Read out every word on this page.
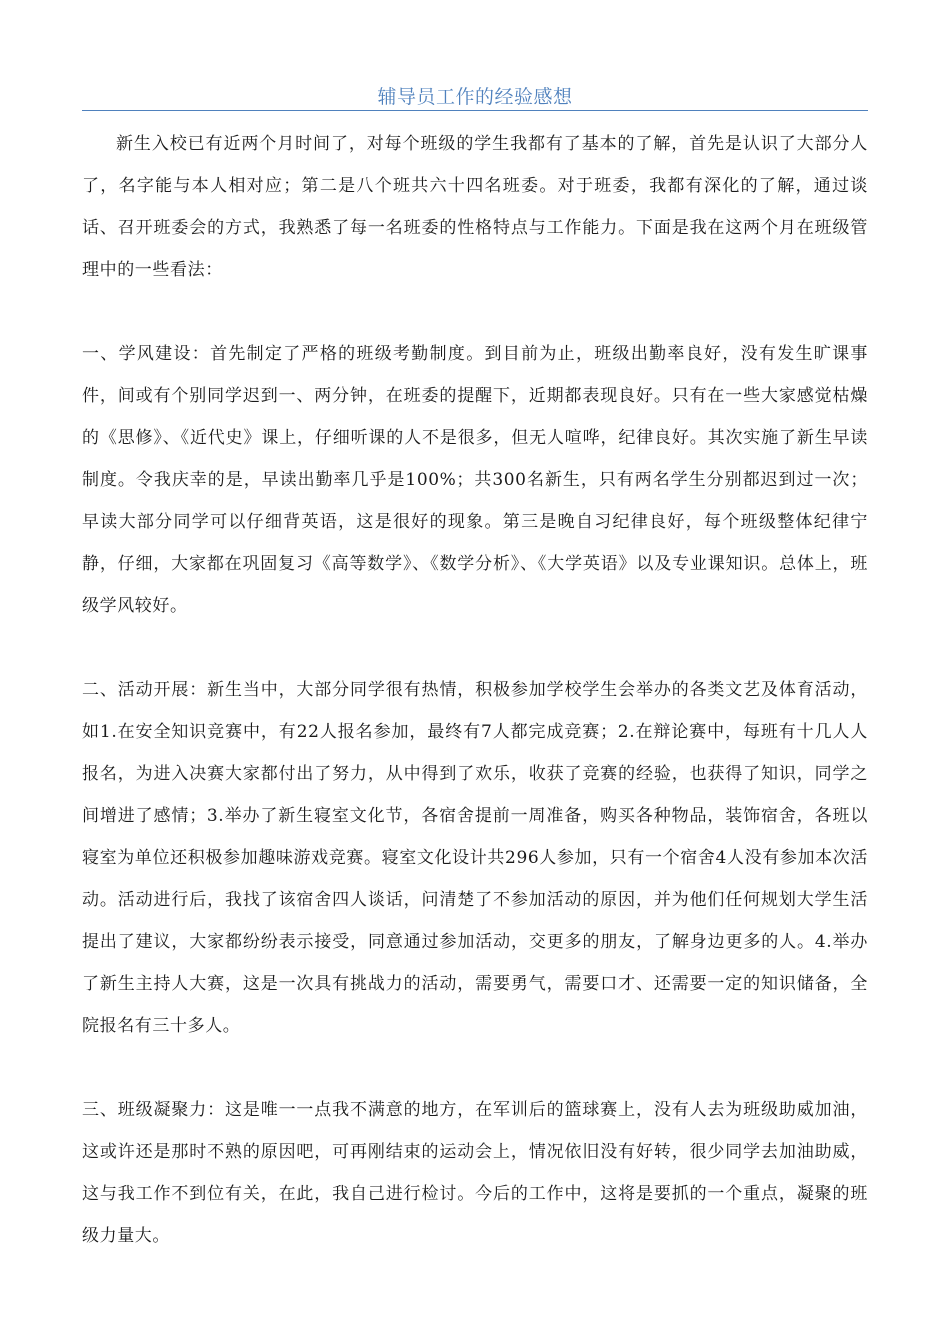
辅导员工作的经验感想

新生入校已有近两个月时间了，对每个班级的学生我都有了基本的了解，首先是认识了大部分人了，名字能与本人相对应；第二是八个班共六十四名班委。对于班委，我都有深化的了解，通过谈话、召开班委会的方式，我熟悉了每一名班委的性格特点与工作能力。下面是我在这两个月在班级管理中的一些看法：

一、学风建设：首先制定了严格的班级考勤制度。到目前为止，班级出勤率良好，没有发生旷课事件，间或有个别同学迟到一、两分钟，在班委的提醒下，近期都表现良好。只有在一些大家感觉枯燥的《思修》、《近代史》课上，仔细听课的人不是很多，但无人喧哗，纪律良好。其次实施了新生早读制度。令我庆幸的是，早读出勤率几乎是100%；共300名新生，只有两名学生分别都迟到过一次；早读大部分同学可以仔细背英语，这是很好的现象。第三是晚自习纪律良好，每个班级整体纪律宁静，仔细，大家都在巩固复习《高等数学》、《数学分析》、《大学英语》以及专业课知识。总体上，班级学风较好。

二、活动开展：新生当中，大部分同学很有热情，积极参加学校学生会举办的各类文艺及体育活动，如1.在安全知识竞赛中，有22人报名参加，最终有7人都完成竞赛；2.在辩论赛中，每班有十几人人报名，为进入决赛大家都付出了努力，从中得到了欢乐，收获了竞赛的经验，也获得了知识，同学之间增进了感情；3.举办了新生寝室文化节，各宿舍提前一周准备，购买各种物品，装饰宿舍，各班以寝室为单位还积极参加趣味游戏竞赛。寝室文化设计共296人参加，只有一个宿舍4人没有参加本次活动。活动进行后，我找了该宿舍四人谈话，问清楚了不参加活动的原因，并为他们任何规划大学生活提出了建议，大家都纷纷表示接受，同意通过参加活动，交更多的朋友，了解身边更多的人。4.举办了新生主持人大赛，这是一次具有挑战力的活动，需要勇气，需要口才、还需要一定的知识储备，全院报名有三十多人。

三、班级凝聚力：这是唯一一点我不满意的地方，在军训后的篮球赛上，没有人去为班级助威加油，这或许还是那时不熟的原因吧，可再刚结束的运动会上，情况依旧没有好转，很少同学去加油助威，这与我工作不到位有关，在此，我自己进行检讨。今后的工作中，这将是要抓的一个重点，凝聚的班级力量大。
